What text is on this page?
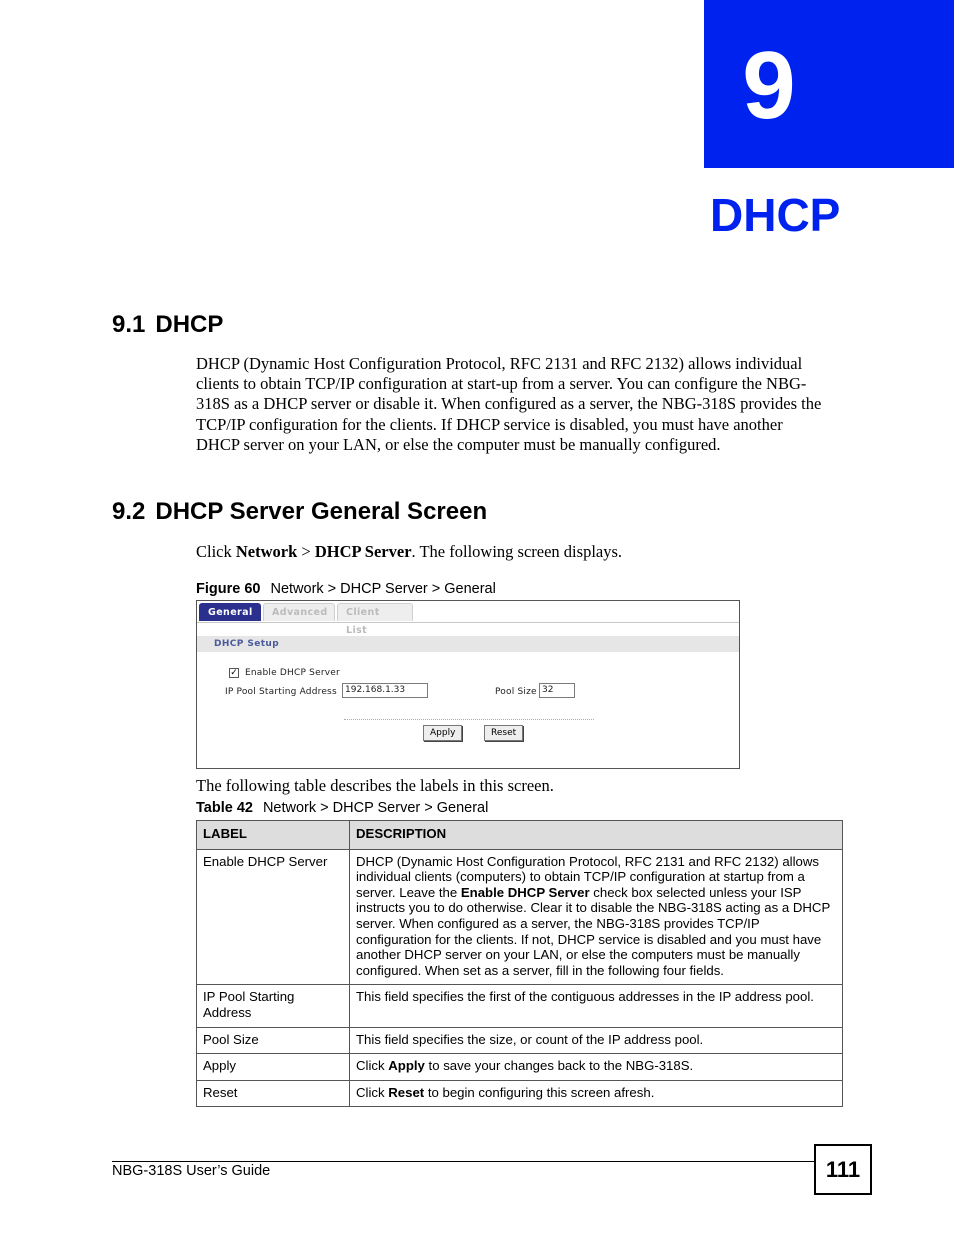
9
DHCP
9.1 DHCP
DHCP (Dynamic Host Configuration Protocol, RFC 2131 and RFC 2132) allows individual
clients to obtain TCP/IP configuration at start-up from a server. You can configure the NBG-
318S as a DHCP server or disable it. When configured as a server, the NBG-318S provides the
TCP/IP configuration for the clients. If DHCP service is disabled, you must have another
DHCP server on your LAN, or else the computer must be manually configured.
9.2 DHCP Server General Screen
Click Network > DHCP Server. The following screen displays.
Figure 60 Network > DHCP Server > General
General	Advanced	Client List
DHCP Setup
✓ Enable DHCP Server
IP Pool Starting Address 192.168.1.33	Pool Size 32
Apply	Reset
The following table describes the labels in this screen.
Table 42 Network > DHCP Server > General
LABEL	DESCRIPTION
Enable DHCP Server	DHCP (Dynamic Host Configuration Protocol, RFC 2131 and RFC 2132) allows individual clients (computers) to obtain TCP/IP configuration at startup from a server. Leave the Enable DHCP Server check box selected unless your ISP instructs you to do otherwise. Clear it to disable the NBG-318S acting as a DHCP server. When configured as a server, the NBG-318S provides TCP/IP configuration for the clients. If not, DHCP service is disabled and you must have another DHCP server on your LAN, or else the computers must be manually configured. When set as a server, fill in the following four fields.
IP Pool Starting Address	This field specifies the first of the contiguous addresses in the IP address pool.
Pool Size	This field specifies the size, or count of the IP address pool.
Apply	Click Apply to save your changes back to the NBG-318S.
Reset	Click Reset to begin configuring this screen afresh.
NBG-318S User’s Guide	111
